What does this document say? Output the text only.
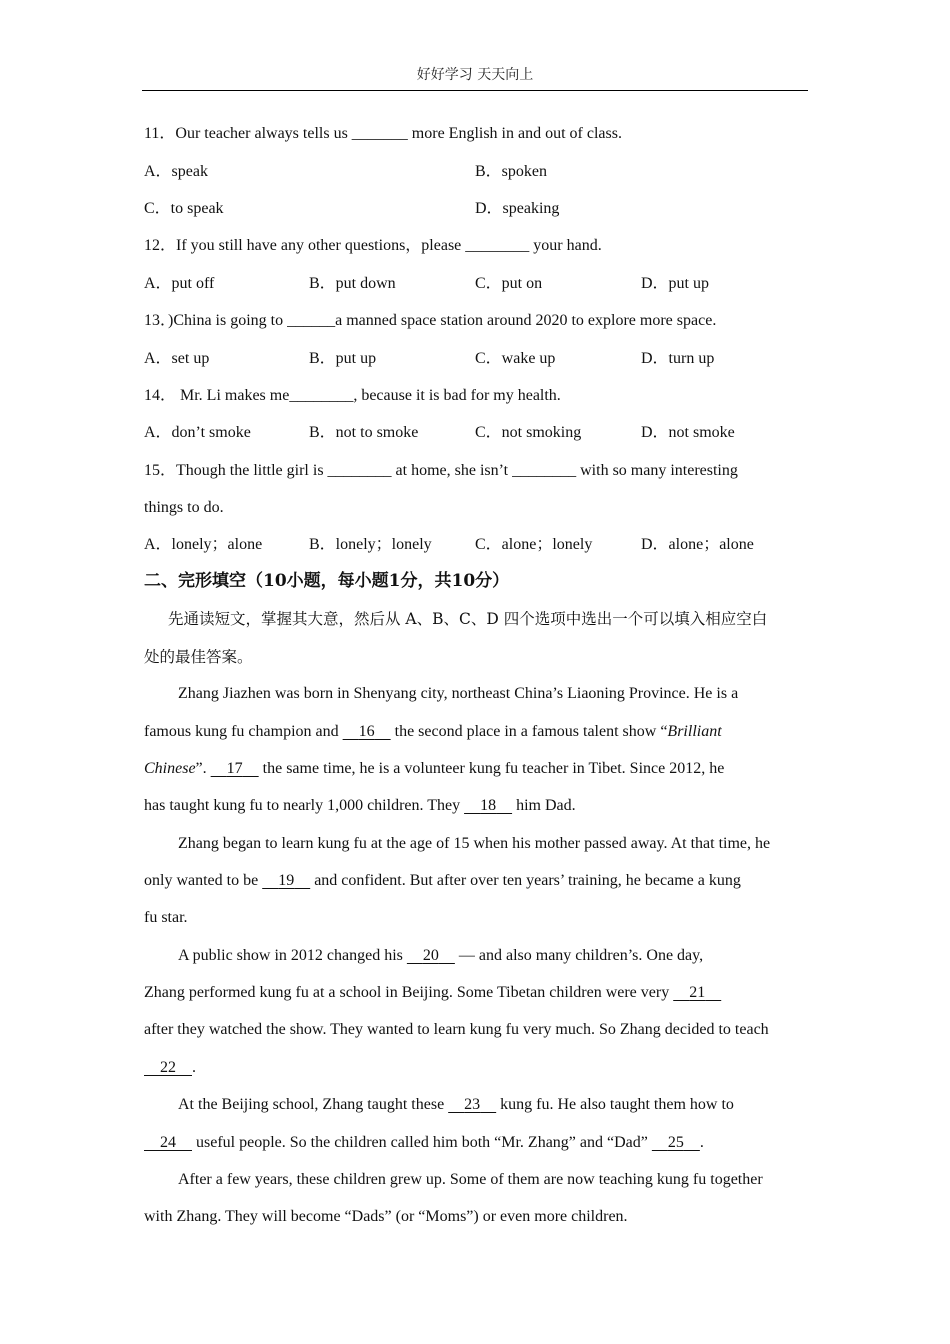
好好学习 天天向上
11．Our teacher always tells us _______ more English in and out of class.
A．speak	B．spoken
C．to speak	D．speaking
12．If you still have any other questions，please ________ your hand.
A．put off	B．put down	C．put on	D．put up
13．)China is going to ______a manned space station around 2020 to explore more space.
A．set up	B．put up	C．wake up	D．turn up
14． Mr. Li makes me________, because it is bad for my health.
A．don’t smoke	B．not to smoke	C．not smoking	D．not smoke
15．Though the little girl is ________ at home, she isn’t ________ with so many interesting
things to do.
A．lonely；alone	B．lonely；lonely	C．alone；lonely	D．alone；alone
二、完形填空（10小题，每小题1分，共10分）
先通读短文，掌握其大意，然后从 A、B、C、D 四个选项中选出一个可以填入相应空白
处的最佳答案。
Zhang Jiazhen was born in Shenyang city, northeast China’s Liaoning Province. He is a
famous kung fu champion and     16     the second place in a famous talent show “Brilliant
Chinese”.     17     the same time, he is a volunteer kung fu teacher in Tibet. Since 2012, he
has taught kung fu to nearly 1,000 children. They     18     him Dad.
Zhang began to learn kung fu at the age of 15 when his mother passed away. At that time, he
only wanted to be     19     and confident. But after over ten years’ training, he became a kung
fu star.
A public show in 2012 changed his     20     — and also many children’s. One day,
Zhang performed kung fu at a school in Beijing. Some Tibetan children were very     21
after they watched the show. They wanted to learn kung fu very much. So Zhang decided to teach
22 .
At the Beijing school, Zhang taught these     23     kung fu. He also taught them how to
24     useful people. So the children called him both “Mr. Zhang” and “Dad”     25 .
After a few years, these children grew up. Some of them are now teaching kung fu together
with Zhang. They will become “Dads” (or “Moms”) or even more children.
